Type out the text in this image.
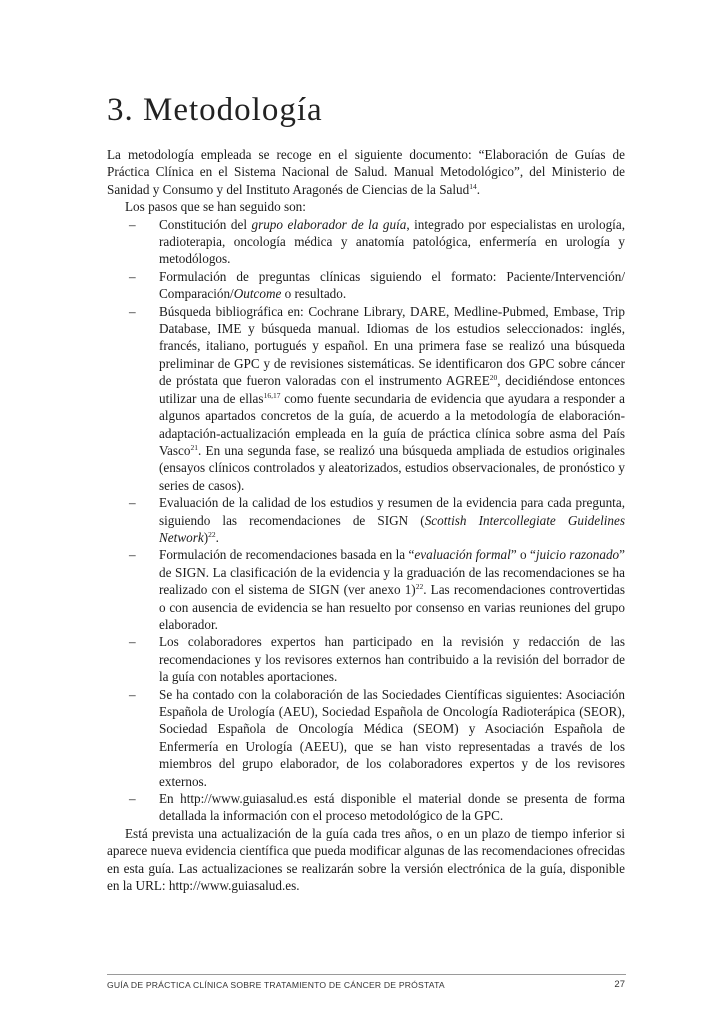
3. Metodología

La metodología empleada se recoge en el siguiente documento: “Elaboración de Guías de Práctica Clínica en el Sistema Nacional de Salud. Manual Metodológico”, del Ministerio de Sanidad y Consumo y del Instituto Aragonés de Ciencias de la Salud$^{14}$.

Los pasos que se han seguido son:

– Constitución del grupo elaborador de la guía, integrado por especialistas en urología, radioterapia, oncología médica y anatomía patológica, enfermería en urología y metodólogos.
– Formulación de preguntas clínicas siguiendo el formato: Paciente/Intervención/ Comparación/Outcome o resultado.
– Búsqueda bibliográfica en: Cochrane Library, DARE, Medline-Pubmed, Embase, Trip Database, IME y búsqueda manual. Idiomas de los estudios seleccionados: inglés, francés, italiano, portugués y español. En una primera fase se realizó una búsqueda preliminar de GPC y de revisiones sistemáticas. Se identificaron dos GPC sobre cáncer de próstata que fueron valoradas con el instrumento AGREE$^{20}$, decidiéndose entonces utilizar una de ellas$^{16,17}$ como fuente secundaria de evidencia que ayudara a responder a algunos apartados concretos de la guía, de acuerdo a la metodología de elaboración-adaptación-actualización empleada en la guía de práctica clínica sobre asma del País Vasco$^{21}$. En una segunda fase, se realizó una búsqueda ampliada de estudios originales (ensayos clínicos controlados y aleatorizados, estudios observacionales, de pronóstico y series de casos).
– Evaluación de la calidad de los estudios y resumen de la evidencia para cada pregunta, siguiendo las recomendaciones de SIGN (Scottish Intercollegiate Guidelines Network)$^{22}$.
– Formulación de recomendaciones basada en la “evaluación formal” o “juicio razonado” de SIGN. La clasificación de la evidencia y la graduación de las recomendaciones se ha realizado con el sistema de SIGN (ver anexo 1)$^{22}$. Las recomendaciones controvertidas o con ausencia de evidencia se han resuelto por consenso en varias reuniones del grupo elaborador.
– Los colaboradores expertos han participado en la revisión y redacción de las recomendaciones y los revisores externos han contribuido a la revisión del borrador de la guía con notables aportaciones.
– Se ha contado con la colaboración de las Sociedades Científicas siguientes: Asociación Española de Urología (AEU), Sociedad Española de Oncología Radioterápica (SEOR), Sociedad Española de Oncología Médica (SEOM) y Asociación Española de Enfermería en Urología (AEEU), que se han visto representadas a través de los miembros del grupo elaborador, de los colaboradores expertos y de los revisores externos.
– En http://www.guiasalud.es está disponible el material donde se presenta de forma detallada la información con el proceso metodológico de la GPC.

Está prevista una actualización de la guía cada tres años, o en un plazo de tiempo inferior si aparece nueva evidencia científica que pueda modificar algunas de las recomendaciones ofrecidas en esta guía. Las actualizaciones se realizarán sobre la versión electrónica de la guía, disponible en la URL: http://www.guiasalud.es.

GUÍA DE PRÁCTICA CLÍNICA SOBRE TRATAMIENTO DE CÁNCER DE PRÓSTATA	27
